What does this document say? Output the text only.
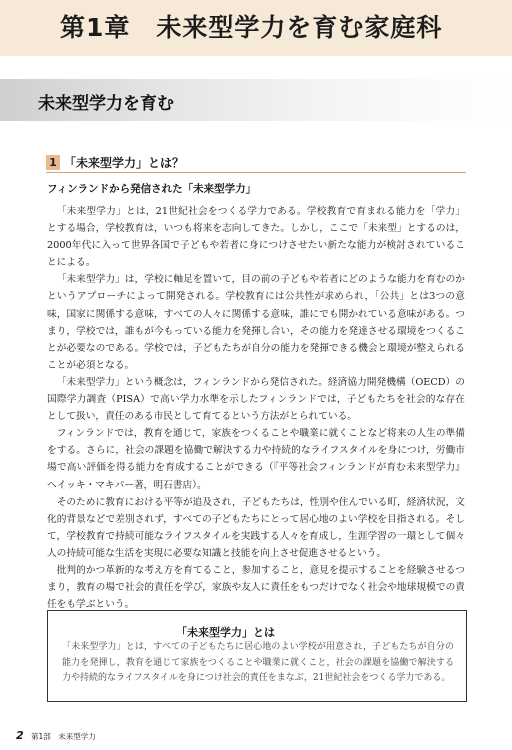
第1章　未来型学力を育む家庭科
未来型学力を育む
1 「未来型学力」とは？
フィンランドから発信された「未来型学力」

「未来型学力」とは，21世紀社会をつくる学力である。学校教育で育まれる能力を「学力」とする場合，学校教育は，いつも将来を志向してきた。しかし，ここで「未来型」とするのは，2000年代に入って世界各国で子どもや若者に身につけさせたい新たな能力が検討されていることによる。

「未来型学力」は，学校に軸足を置いて，目の前の子どもや若者にどのような能力を育むのかというアプローチによって開発される。学校教育には公共性が求められ，「公共」とは3つの意味，国家に関係する意味，すべての人々に関係する意味，誰にでも開かれている意味がある。つまり，学校では，誰もが今もっている能力を発揮し合い，その能力を発達させる環境をつくることが必要なのである。学校では，子どもたちが自分の能力を発揮できる機会と環境が整えられることが必須となる。

「未来型学力」という概念は，フィンランドから発信された。経済協力開発機構（OECD）の国際学力調査（PISA）で高い学力水準を示したフィンランドでは，子どもたちを社会的な存在として扱い，責任のある市民として育てるという方法がとられている。

フィンランドでは，教育を通じて，家族をつくることや職業に就くことなど将来の人生の準備をする。さらに，社会の課題を協働で解決する力や持続的なライフスタイルを身につけ，労働市場で高い評価を得る能力を育成することができる（『平等社会フィンランドが育む未来型学力』ヘイッキ・マキパー著，明石書店）。

そのために教育における平等が追及され，子どもたちは，性別や住んでいる町，経済状況，文化的背景などで差別されず，すべての子どもたちにとって居心地のよい学校を目指される。そして，学校教育で持続可能なライフスタイルを実践する人々を育成し，生涯学習の一環として個々人の持続可能な生活を実現に必要な知識と技能を向上させ促進させるという。

批判的かつ革新的な考え方を育てること，参加すること，意見を提示することを経験させるつまり，教育の場で社会的責任を学び，家族や友人に責任をもつだけでなく社会や地球規模での責任をも学ぶという。

「未来型学力」とは

「未来型学力」とは，すべての子どもたちに居心地のよい学校が用意され，子どもたちが自分の能力を発揮し，教育を通じて家族をつくることや職業に就くこと，社会の課題を協働で解決する力や持続的なライフスタイルを身につけ社会的責任をまなぶ，21世紀社会をつくる学力である。

2 第1部　未来型学力
